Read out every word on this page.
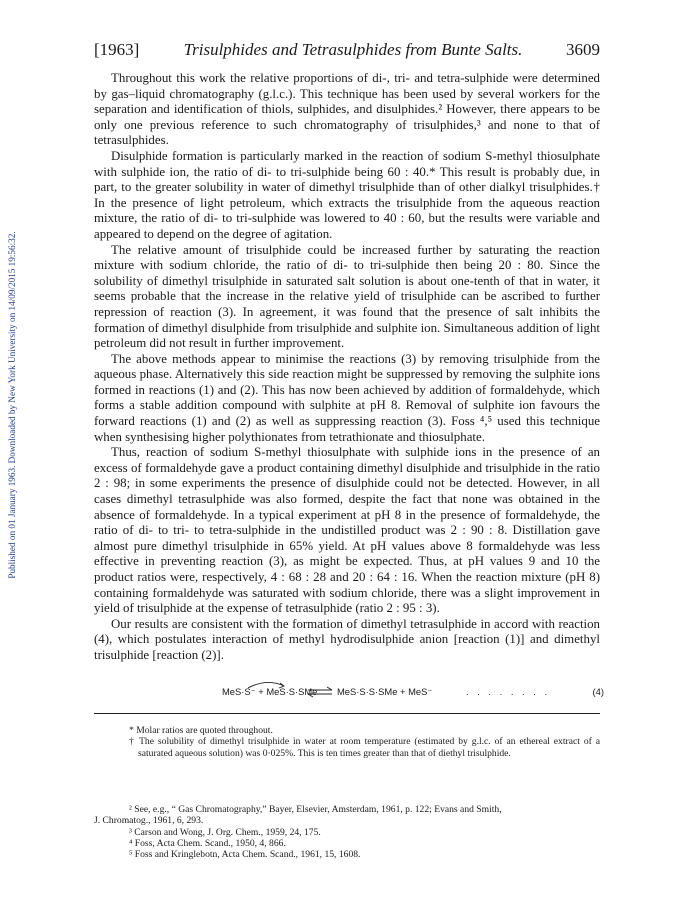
Published on 01 January 1963. Downloaded by New York University on 14/09/2015 19:56:32.
[1963]	Trisulphides and Tetrasulphides from Bunte Salts.	3609

Throughout this work the relative proportions of di-, tri- and tetra-sulphide were determined by gas–liquid chromatography (g.l.c.). This technique has been used by several workers for the separation and identification of thiols, sulphides, and disulphides.² However, there appears to be only one previous reference to such chromatography of trisulphides,³ and none to that of tetrasulphides.

Disulphide formation is particularly marked in the reaction of sodium S-methyl thiosulphate with sulphide ion, the ratio of di- to tri-sulphide being 60 : 40.* This result is probably due, in part, to the greater solubility in water of dimethyl trisulphide than of other dialkyl trisulphides.† In the presence of light petroleum, which extracts the trisulphide from the aqueous reaction mixture, the ratio of di- to tri-sulphide was lowered to 40 : 60, but the results were variable and appeared to depend on the degree of agitation.

The relative amount of trisulphide could be increased further by saturating the reaction mixture with sodium chloride, the ratio of di- to tri-sulphide then being 20 : 80. Since the solubility of dimethyl trisulphide in saturated salt solution is about one-tenth of that in water, it seems probable that the increase in the relative yield of trisulphide can be ascribed to further repression of reaction (3). In agreement, it was found that the presence of salt inhibits the formation of dimethyl disulphide from trisulphide and sulphite ion. Simultaneous addition of light petroleum did not result in further improvement.

The above methods appear to minimise the reactions (3) by removing trisulphide from the aqueous phase. Alternatively this side reaction might be suppressed by removing the sulphite ions formed in reactions (1) and (2). This has now been achieved by addition of formaldehyde, which forms a stable addition compound with sulphite at pH 8. Removal of sulphite ion favours the forward reactions (1) and (2) as well as suppressing reaction (3). Foss ⁴,⁵ used this technique when synthesising higher polythionates from tetrathionate and thiosulphate.

Thus, reaction of sodium S-methyl thiosulphate with sulphide ions in the presence of an excess of formaldehyde gave a product containing dimethyl disulphide and trisulphide in the ratio 2 : 98; in some experiments the presence of disulphide could not be detected. However, in all cases dimethyl tetrasulphide was also formed, despite the fact that none was obtained in the absence of formaldehyde. In a typical experiment at pH 8 in the presence of formaldehyde, the ratio of di- to tri- to tetra-sulphide in the undistilled product was 2 : 90 : 8. Distillation gave almost pure dimethyl trisulphide in 65% yield. At pH values above 8 formaldehyde was less effective in preventing reaction (3), as might be expected. Thus, at pH values 9 and 10 the product ratios were, respectively, 4 : 68 : 28 and 20 : 64 : 16. When the reaction mixture (pH 8) containing formaldehyde was saturated with sodium chloride, there was a slight improvement in yield of trisulphide at the expense of tetrasulphide (ratio 2 : 95 : 3).

Our results are consistent with the formation of dimethyl tetrasulphide in accord with reaction (4), which postulates interaction of methyl hydrodisulphide anion [reaction (1)] and dimethyl trisulphide [reaction (2)].

MeS·S⁻ + MeS·S·SMe MeS·S·S·SMe + MeS⁻	. . . . . . . .	(4)

* Molar ratios are quoted throughout.

† The solubility of dimethyl trisulphide in water at room temperature (estimated by g.l.c. of an ethereal extract of a saturated aqueous solution) was 0·025%. This is ten times greater than that of diethyl trisulphide.

² See, e.g., “ Gas Chromatography,” Bayer, Elsevier, Amsterdam, 1961, p. 122; Evans and Smith,

J. Chromatog., 1961, 6, 293.

³ Carson and Wong, J. Org. Chem., 1959, 24, 175.

⁴ Foss, Acta Chem. Scand., 1950, 4, 866.

⁵ Foss and Kringlebotn, Acta Chem. Scand., 1961, 15, 1608.
